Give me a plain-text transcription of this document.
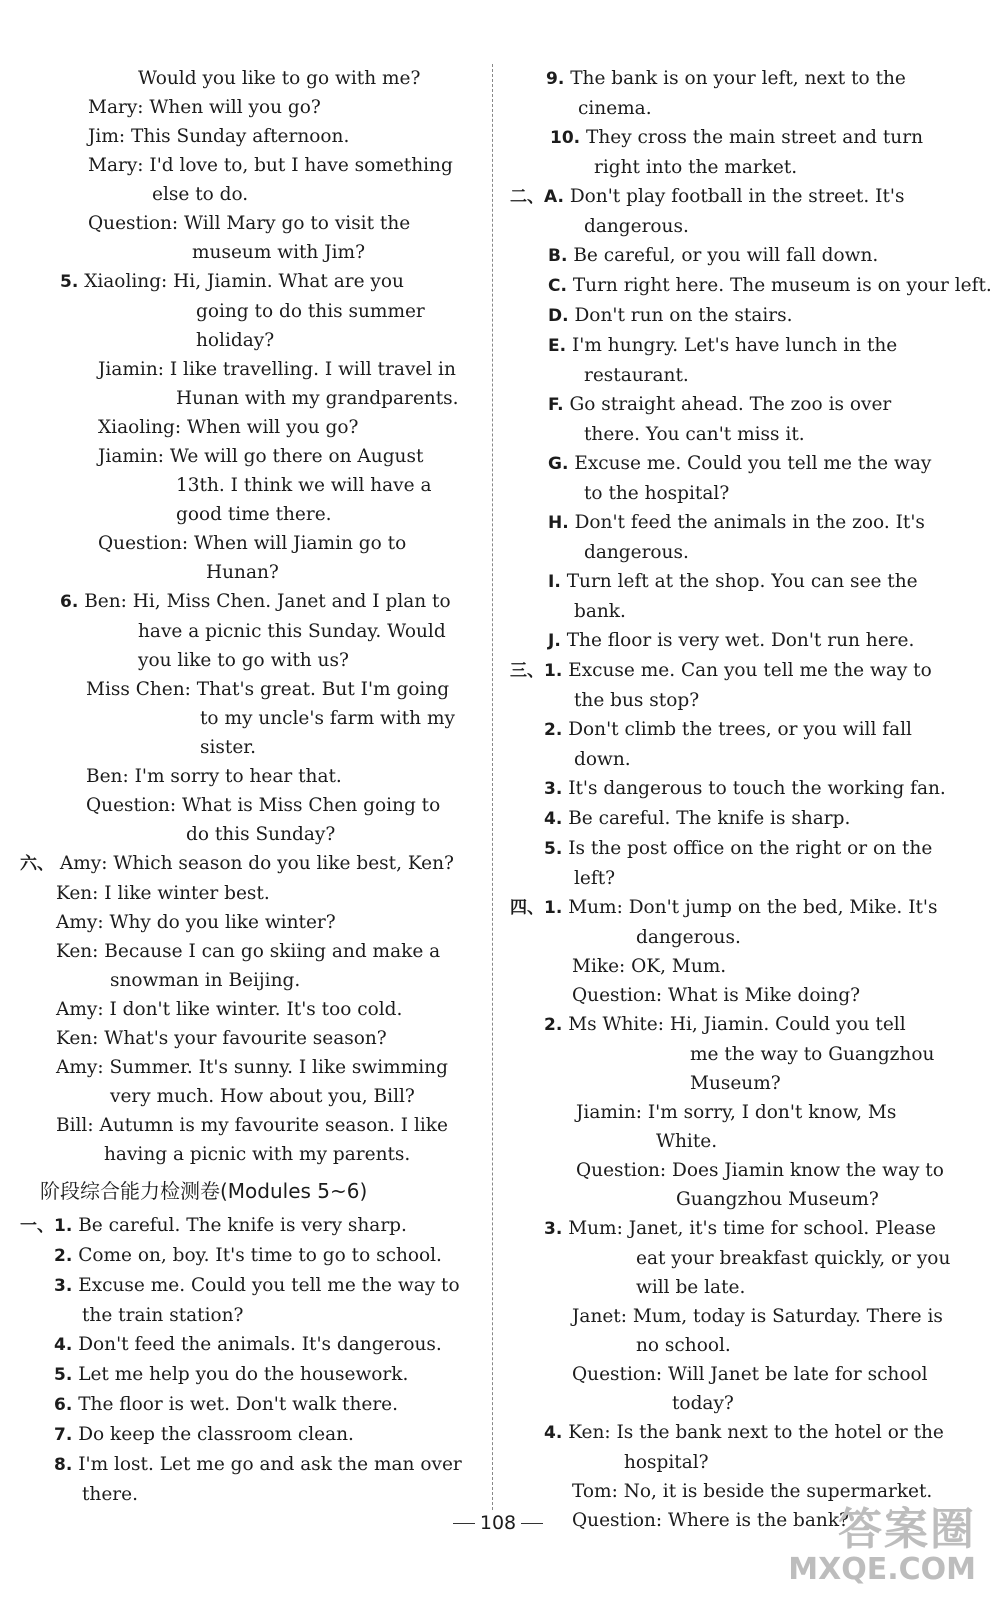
Would you like to go with me?
Mary: When will you go?
Jim: This Sunday afternoon.
Mary: I'd love to, but I have something
else to do.
Question: Will Mary go to visit the
museum with Jim?
5. Xiaoling: Hi, Jiamin. What are you
going to do this summer
holiday?
Jiamin: I like travelling. I will travel in
Hunan with my grandparents.
Xiaoling: When will you go?
Jiamin: We will go there on August
13th. I think we will have a
good time there.
Question: When will Jiamin go to
Hunan?
6. Ben: Hi, Miss Chen. Janet and I plan to
have a picnic this Sunday. Would
you like to go with us?
Miss Chen: That's great. But I'm going
to my uncle's farm with my
sister.
Ben: I'm sorry to hear that.
Question: What is Miss Chen going to
do this Sunday?
六、 Amy: Which season do you like best, Ken?
Ken: I like winter best.
Amy: Why do you like winter?
Ken: Because I can go skiing and make a
snowman in Beijing.
Amy: I don't like winter. It's too cold.
Ken: What's your favourite season?
Amy: Summer. It's sunny. I like swimming
very much. How about you, Bill?
Bill: Autumn is my favourite season. I like
having a picnic with my parents.
阶段综合能力检测卷(Modules 5~6)
一、1. Be careful. The knife is very sharp.
2. Come on, boy. It's time to go to school.
3. Excuse me. Could you tell me the way to
the train station?
4. Don't feed the animals. It's dangerous.
5. Let me help you do the housework.
6. The floor is wet. Don't walk there.
7. Do keep the classroom clean.
8. I'm lost. Let me go and ask the man over
there.
9. The bank is on your left, next to the
cinema.
10. They cross the main street and turn
right into the market.
二、A. Don't play football in the street. It's
dangerous.
B. Be careful, or you will fall down.
C. Turn right here. The museum is on your left.
D. Don't run on the stairs.
E. I'm hungry. Let's have lunch in the
restaurant.
F. Go straight ahead. The zoo is over
there. You can't miss it.
G. Excuse me. Could you tell me the way
to the hospital?
H. Don't feed the animals in the zoo. It's
dangerous.
I. Turn left at the shop. You can see the
bank.
J. The floor is very wet. Don't run here.
三、1. Excuse me. Can you tell me the way to
the bus stop?
2. Don't climb the trees, or you will fall
down.
3. It's dangerous to touch the working fan.
4. Be careful. The knife is sharp.
5. Is the post office on the right or on the
left?
四、1. Mum: Don't jump on the bed, Mike. It's
dangerous.
Mike: OK, Mum.
Question: What is Mike doing?
2. Ms White: Hi, Jiamin. Could you tell
me the way to Guangzhou
Museum?
Jiamin: I'm sorry, I don't know, Ms
White.
Question: Does Jiamin know the way to
Guangzhou Museum?
3. Mum: Janet, it's time for school. Please
eat your breakfast quickly, or you
will be late.
Janet: Mum, today is Saturday. There is
no school.
Question: Will Janet be late for school
today?
4. Ken: Is the bank next to the hotel or the
hospital?
Tom: No, it is beside the supermarket.
Question: Where is the bank?
108	答案圈
MXQE.COM
